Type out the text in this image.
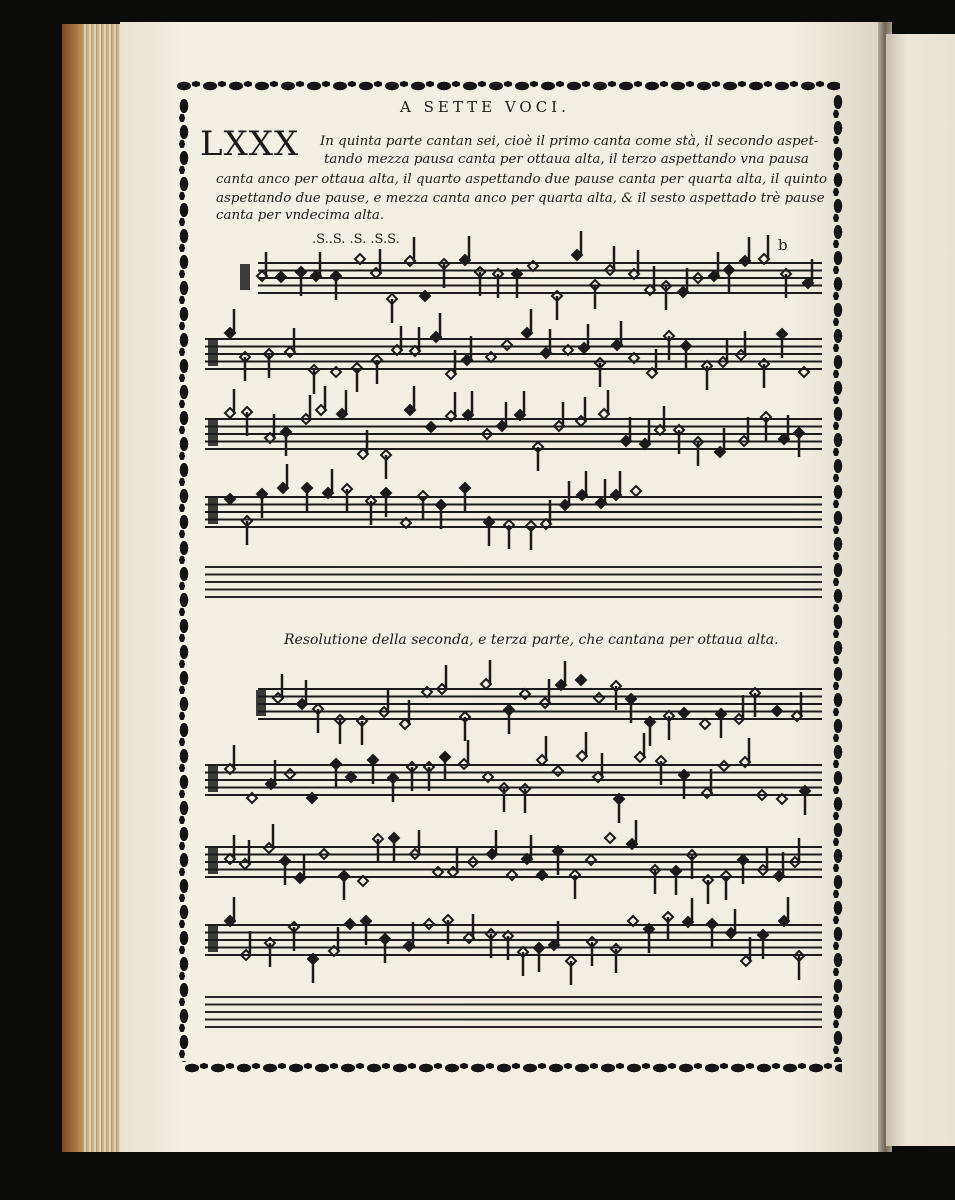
A SETTE VOCI.
LXXX In quinta parte cantan sei, cioè il primo canta come stà, il secondo aspet-
tando mezza pausa canta per ottaua alta, il terzo aspettando vna pausa
canta anco per ottaua alta, il quarto aspettando due pause canta per quarta alta, il quinto
aspettando due pause, e mezza canta anco per quarta alta, & il sesto aspettado trè pause
canta per vndecima alta.
.S..S. .S. .S.S.	b
Resolutione della seconda, e terza parte, che cantana per ottaua alta.
